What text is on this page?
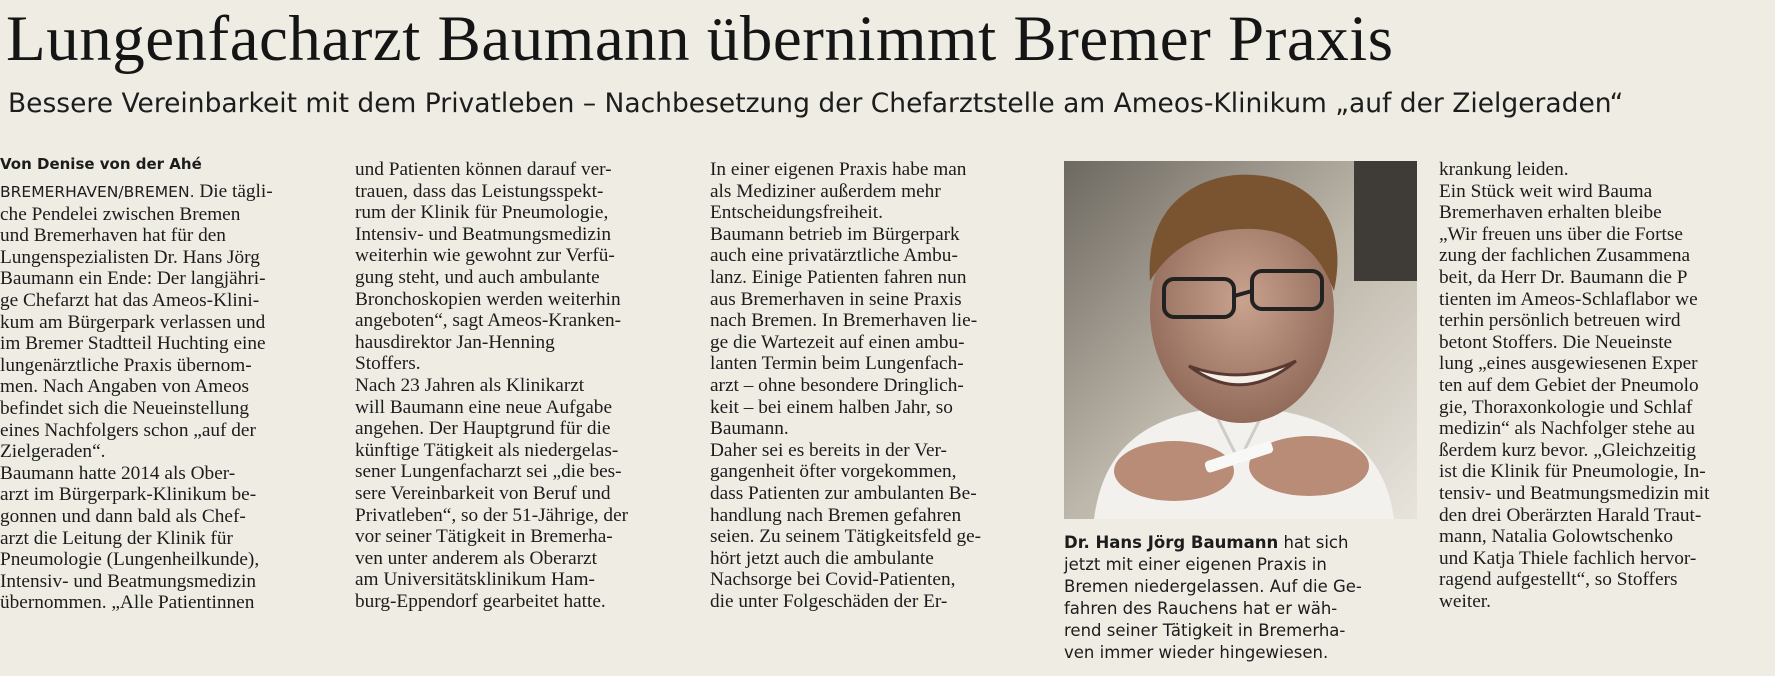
Lungenfacharzt Baumann übernimmt Bremer Praxis
Bessere Vereinbarkeit mit dem Privatleben – Nachbesetzung der Chefarztstelle am Ameos-Klinikum „auf der Zielgeraden“
Von Denise von der Ahé
BREMERHAVEN/BREMEN. Die tägli-
che Pendelei zwischen Bremen
und Bremerhaven hat für den
Lungenspezialisten Dr. Hans Jörg
Baumann ein Ende: Der langjähri-
ge Chefarzt hat das Ameos-Klini-
kum am Bürgerpark verlassen und
im Bremer Stadtteil Huchting eine
lungenärztliche Praxis übernom-
men. Nach Angaben von Ameos
befindet sich die Neueinstellung
eines Nachfolgers schon „auf der
Zielgeraden“.
Baumann hatte 2014 als Ober-
arzt im Bürgerpark-Klinikum be-
gonnen und dann bald als Chef-
arzt die Leitung der Klinik für
Pneumologie (Lungenheilkunde),
Intensiv- und Beatmungsmedizin
übernommen. „Alle Patientinnen
und Patienten können darauf ver-
trauen, dass das Leistungsspekt-
rum der Klinik für Pneumologie,
Intensiv- und Beatmungsmedizin
weiterhin wie gewohnt zur Verfü-
gung steht, und auch ambulante
Bronchoskopien werden weiterhin
angeboten“, sagt Ameos-Kranken-
hausdirektor Jan-Henning
Stoffers.
Nach 23 Jahren als Klinikarzt
will Baumann eine neue Aufgabe
angehen. Der Hauptgrund für die
künftige Tätigkeit als niedergelas-
sener Lungenfacharzt sei „die bes-
sere Vereinbarkeit von Beruf und
Privatleben“, so der 51-Jährige, der
vor seiner Tätigkeit in Bremerha-
ven unter anderem als Oberarzt
am Universitätsklinikum Ham-
burg-Eppendorf gearbeitet hatte.
In einer eigenen Praxis habe man
als Mediziner außerdem mehr
Entscheidungsfreiheit.
Baumann betrieb im Bürgerpark
auch eine privatärztliche Ambu-
lanz. Einige Patienten fahren nun
aus Bremerhaven in seine Praxis
nach Bremen. In Bremerhaven lie-
ge die Wartezeit auf einen ambu-
lanten Termin beim Lungenfach-
arzt – ohne besondere Dringlich-
keit – bei einem halben Jahr, so
Baumann.
Daher sei es bereits in der Ver-
gangenheit öfter vorgekommen,
dass Patienten zur ambulanten Be-
handlung nach Bremen gefahren
seien. Zu seinem Tätigkeitsfeld ge-
hört jetzt auch die ambulante
Nachsorge bei Covid-Patienten,
die unter Folgeschäden der Er-
Dr. Hans Jörg Baumann hat sich
jetzt mit einer eigenen Praxis in
Bremen niedergelassen. Auf die Ge-
fahren des Rauchens hat er wäh-
rend seiner Tätigkeit in Bremerha-
ven immer wieder hingewiesen.
krankung leiden.
Ein Stück weit wird Bauma
Bremerhaven erhalten bleibe
„Wir freuen uns über die Fortse
zung der fachlichen Zusammena
beit, da Herr Dr. Baumann die P
tienten im Ameos-Schlaflabor we
terhin persönlich betreuen wird
betont Stoffers. Die Neueinste
lung „eines ausgewiesenen Exper
ten auf dem Gebiet der Pneumolo
gie, Thoraxonkologie und Schlaf
medizin“ als Nachfolger stehe au
ßerdem kurz bevor. „Gleichzeitig
ist die Klinik für Pneumologie, In-
tensiv- und Beatmungsmedizin mit
den drei Oberärzten Harald Traut-
mann, Natalia Golowtschenko
und Katja Thiele fachlich hervor-
ragend aufgestellt“, so Stoffers
weiter.
